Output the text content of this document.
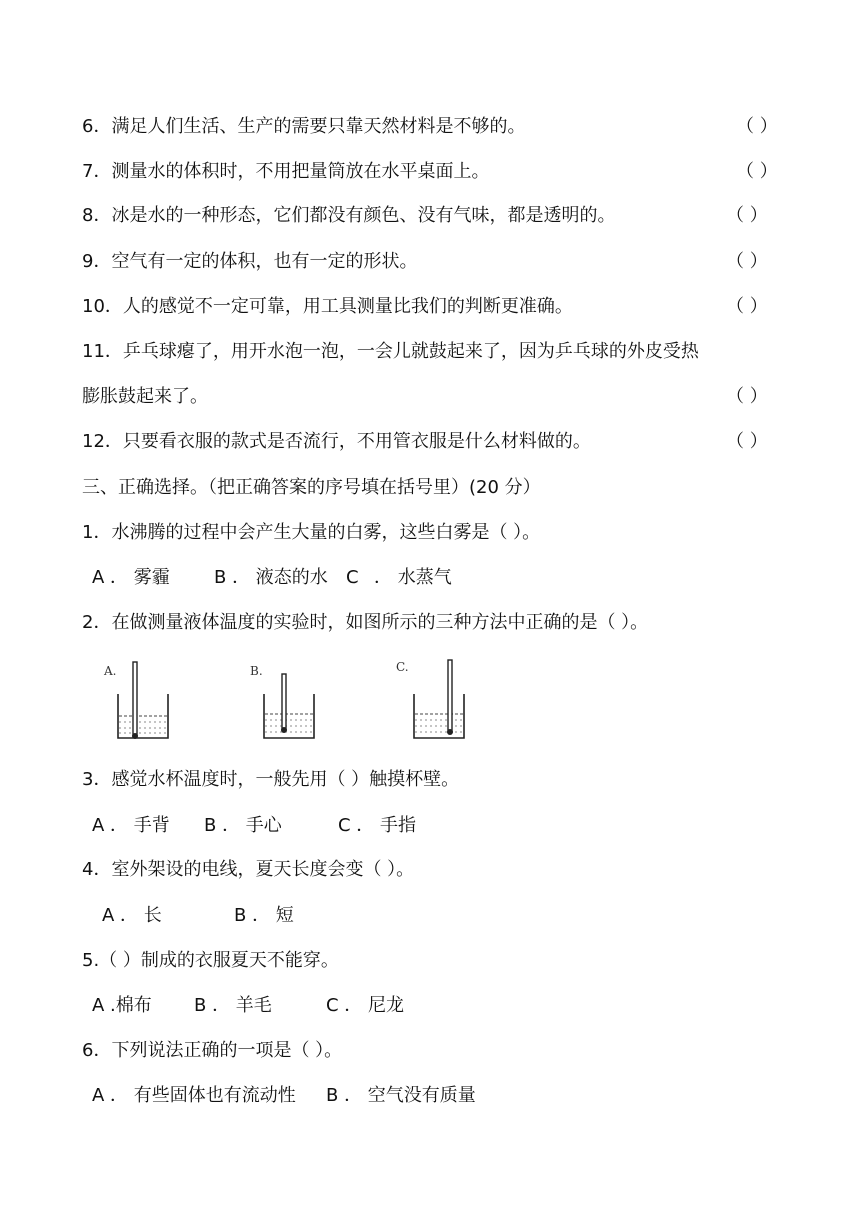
6．满足人们生活、生产的需要只靠天然材料是不够的。	（ ）
7．测量水的体积时，不用把量筒放在水平桌面上。	（ ）
8．冰是水的一种形态，它们都没有颜色、没有气味，都是透明的。	（ ）
9．空气有一定的体积，也有一定的形状。	（ ）
10．人的感觉不一定可靠，用工具测量比我们的判断更准确。	（ ）
11．乒乓球瘪了，用开水泡一泡，一会儿就鼓起来了，因为乒乓球的外皮受热
膨胀鼓起来了。	（ ）
12．只要看衣服的款式是否流行，不用管衣服是什么材料做的。	（ ）
三、正确选择。（把正确答案的序号填在括号里）(20 分）
1．水沸腾的过程中会产生大量的白雾，这些白雾是（ ）。
A ． 雾霾 B ． 液态的水 C ． 水蒸气
2．在做测量液体温度的实验时，如图所示的三种方法中正确的是（ ）。
A.	B.	C.
3．感觉水杯温度时，一般先用（ ）触摸杯壁。
A ． 手背 B ． 手心	C ． 手指
4．室外架设的电线，夏天长度会变（ ）。
A ． 长	B ． 短
5.（ ）制成的衣服夏天不能穿。
A .棉布 B ． 羊毛	C ． 尼龙
6．下列说法正确的一项是（ ）。
A ． 有些固体也有流动性 B ． 空气没有质量
